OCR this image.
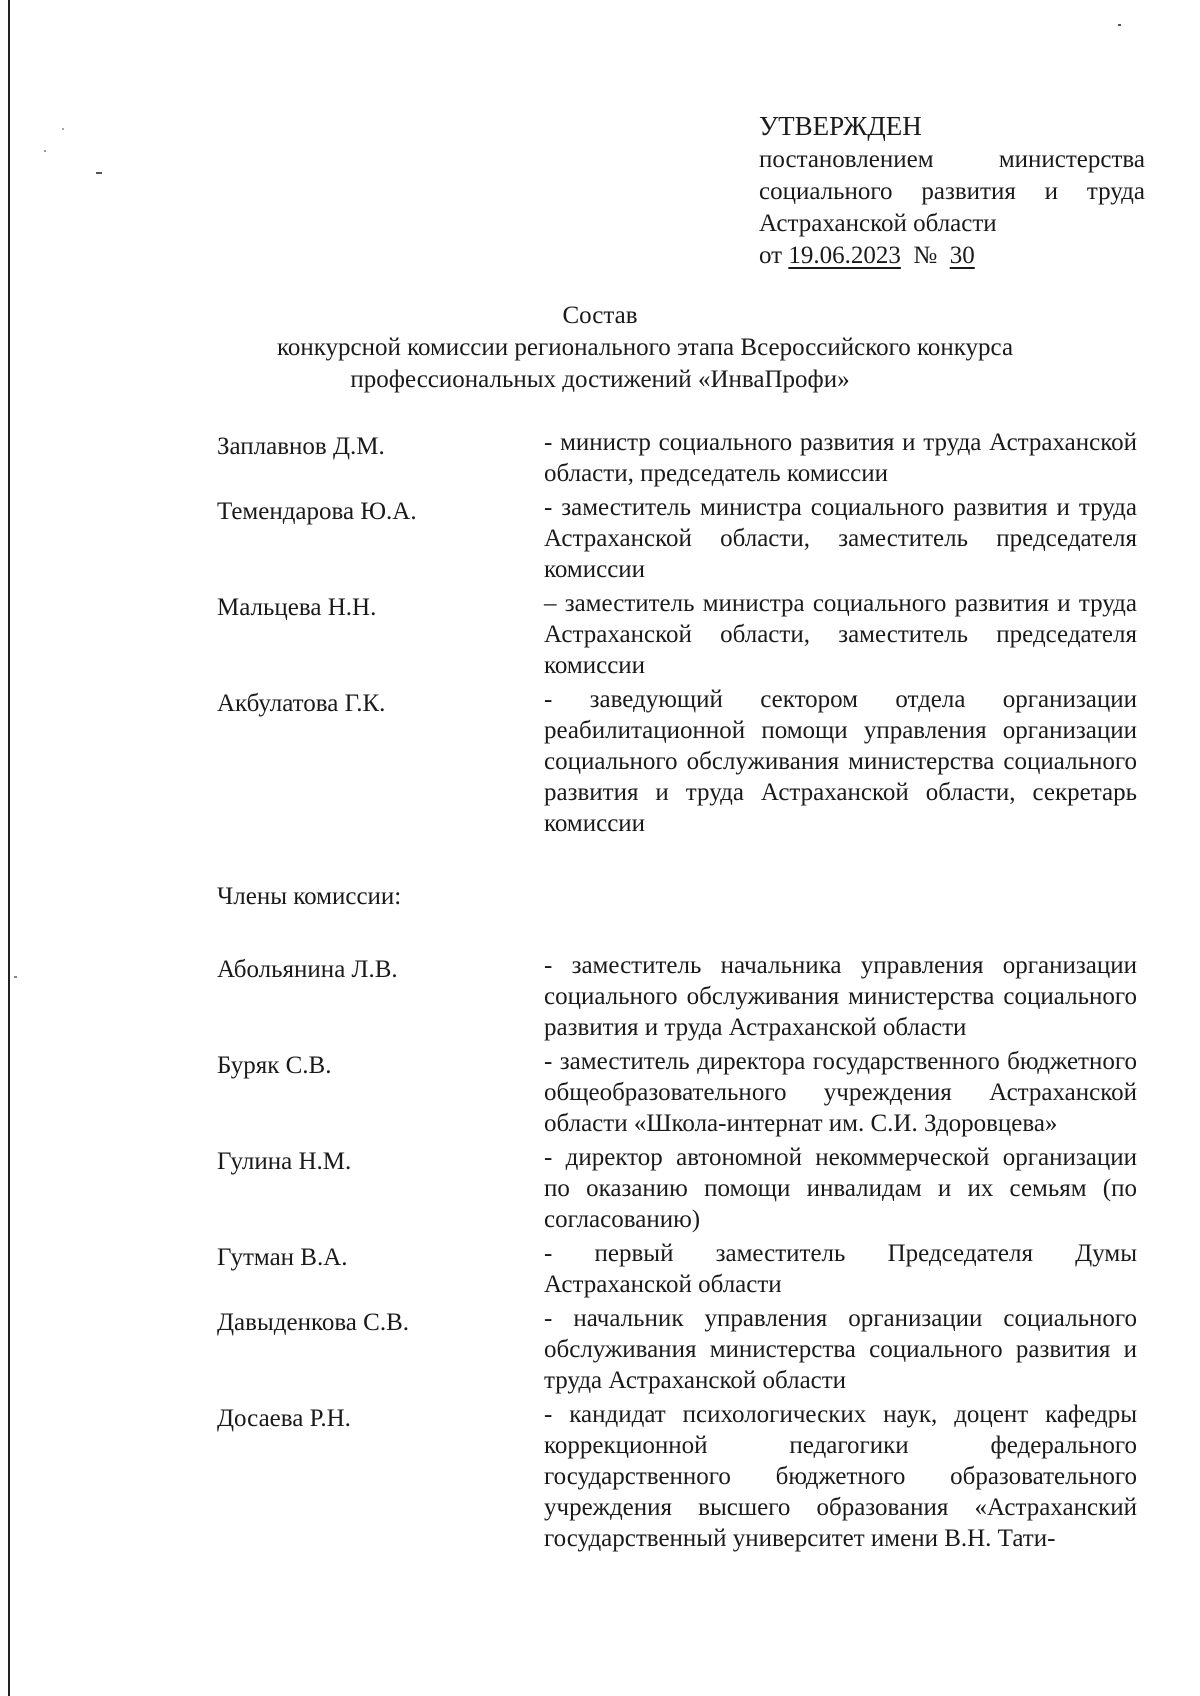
УТВЕРЖДЕН
постановлением министерства
социального развития и труда
Астраханской области
от 19.06.2023 № 30
Состав
конкурсной комиссии регионального этапа Всероссийского конкурса
профессиональных достижений «ИнваПрофи»
Заплавнов Д.М.	- министр социального развития и труда Астраханской области, председатель комиссии
Темендарова Ю.А.	- заместитель министра социального развития и труда Астраханской области, заместитель председателя комиссии
Мальцева Н.Н.	– заместитель министра социального развития и труда Астраханской области, заместитель председателя комиссии
Акбулатова Г.К.	- заведующий сектором отдела организации реабилитационной помощи управления организации социального обслуживания министерства социального развития и труда Астраханской области, секретарь комиссии
Члены комиссии:
Абольянина Л.В.	- заместитель начальника управления организации социального обслуживания министерства социального развития и труда Астраханской области
Буряк С.В.	- заместитель директора государственного бюджетного общеобразовательного учреждения Астраханской области «Школа-интернат им. С.И. Здоровцева»
Гулина Н.М.	- директор автономной некоммерческой организации по оказанию помощи инвалидам и их семьям (по согласованию)
Гутман В.А.	- первый заместитель Председателя Думы Астраханской области
Давыденкова С.В.	- начальник управления организации социального обслуживания министерства социального развития и труда Астраханской области
Досаева Р.Н.	- кандидат психологических наук, доцент кафедры коррекционной педагогики федерального государственного бюджетного образовательного учреждения высшего образования «Астраханский государственный университет имени В.Н. Тати-
